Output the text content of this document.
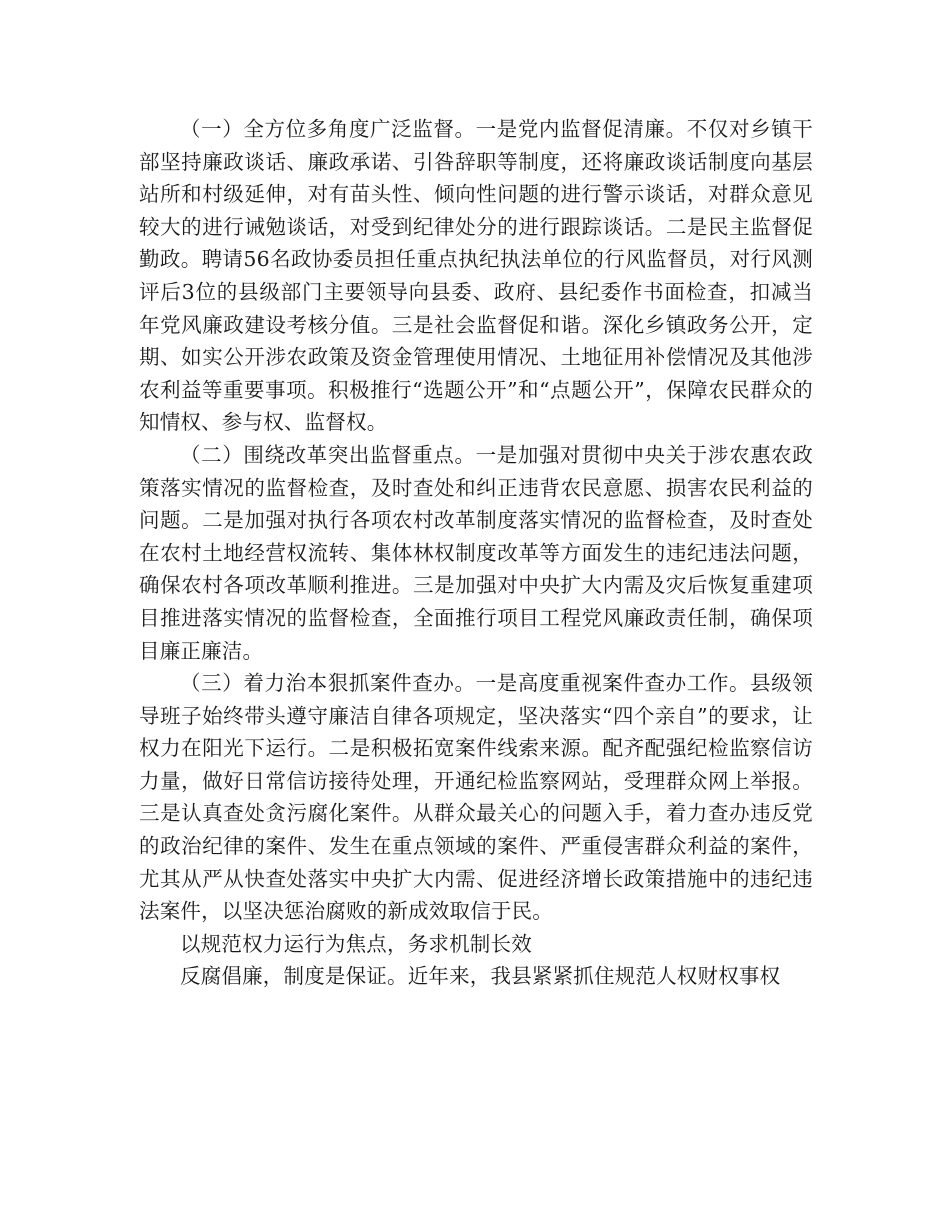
（一）全方位多角度广泛监督。一是党内监督促清廉。不仅对乡镇干部坚持廉政谈话、廉政承诺、引咎辞职等制度，还将廉政谈话制度向基层站所和村级延伸，对有苗头性、倾向性问题的进行警示谈话，对群众意见较大的进行诫勉谈话，对受到纪律处分的进行跟踪谈话。二是民主监督促勤政。聘请56名政协委员担任重点执纪执法单位的行风监督员，对行风测评后3位的县级部门主要领导向县委、政府、县纪委作书面检查，扣减当年党风廉政建设考核分值。三是社会监督促和谐。深化乡镇政务公开，定期、如实公开涉农政策及资金管理使用情况、土地征用补偿情况及其他涉农利益等重要事项。积极推行“选题公开”和“点题公开”，保障农民群众的知情权、参与权、监督权。

（二）围绕改革突出监督重点。一是加强对贯彻中央关于涉农惠农政策落实情况的监督检查，及时查处和纠正违背农民意愿、损害农民利益的问题。二是加强对执行各项农村改革制度落实情况的监督检查，及时查处在农村土地经营权流转、集体林权制度改革等方面发生的违纪违法问题，确保农村各项改革顺利推进。三是加强对中央扩大内需及灾后恢复重建项目推进落实情况的监督检查，全面推行项目工程党风廉政责任制，确保项目廉正廉洁。

（三）着力治本狠抓案件查办。一是高度重视案件查办工作。县级领导班子始终带头遵守廉洁自律各项规定，坚决落实“四个亲自”的要求，让权力在阳光下运行。二是积极拓宽案件线索来源。配齐配强纪检监察信访力量，做好日常信访接待处理，开通纪检监察网站，受理群众网上举报。三是认真查处贪污腐化案件。从群众最关心的问题入手，着力查办违反党的政治纪律的案件、发生在重点领域的案件、严重侵害群众利益的案件，尤其从严从快查处落实中央扩大内需、促进经济增长政策措施中的违纪违法案件，以坚决惩治腐败的新成效取信于民。

以规范权力运行为焦点，务求机制长效

反腐倡廉，制度是保证。近年来，我县紧紧抓住规范人权财权事权
